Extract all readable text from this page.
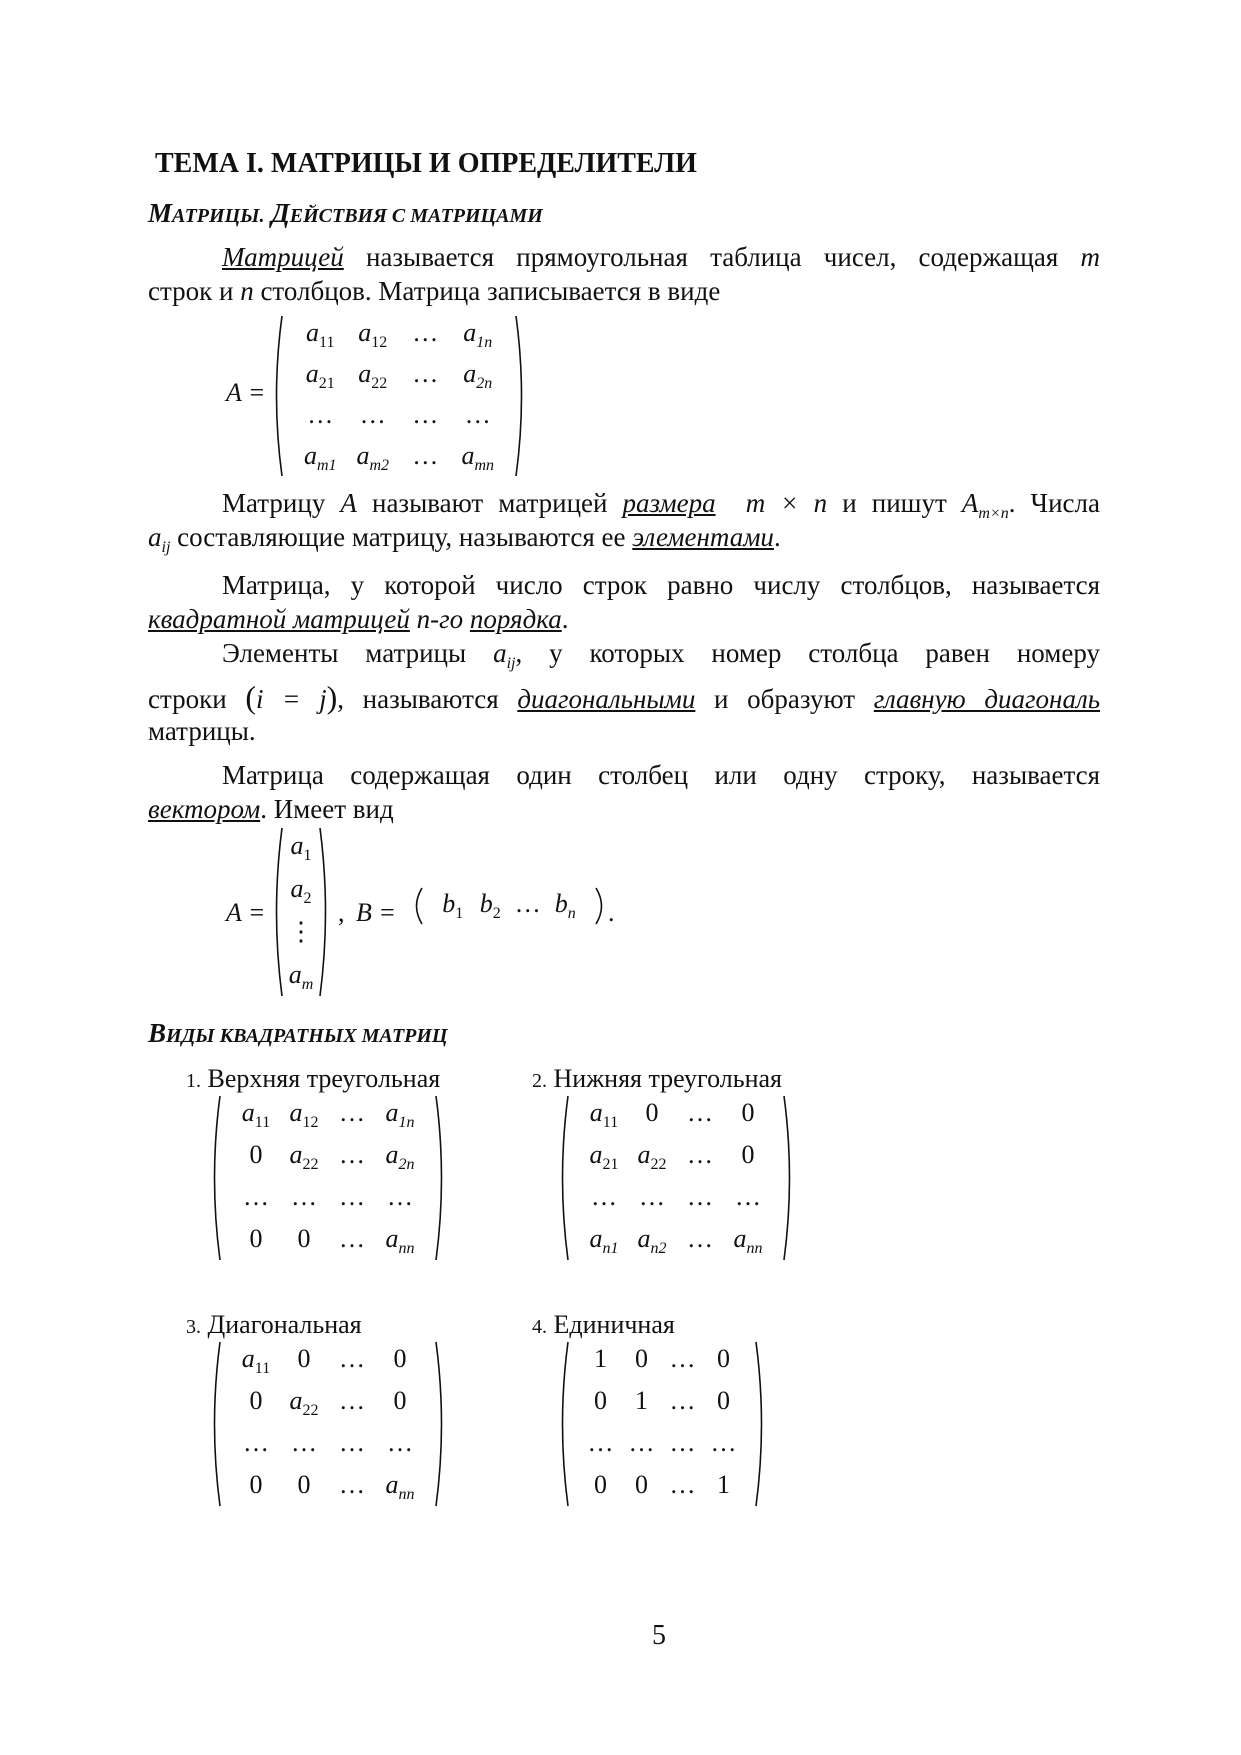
ТЕМА I. МАТРИЦЫ И ОПРЕДЕЛИТЕЛИ
МАТРИЦЫ. ДЕЙСТВИЯ С МАТРИЦАМИ
Матрицей называется прямоугольная таблица чисел, содержащая m
строк и n столбцов. Матрица записывается в виде
A =
$a_{11}$ $a_{12}$ … $a_{1n}$
$a_{21}$ $a_{22}$ … $a_{2n}$
… … … …
$a_{m1}$ $a_{m2}$ … $a_{mn}$
Матрицу A называют матрицей размера m × n и пишут $A_{m\times n}$. Числа
$a_{ij}$ составляющие матрицу, называются ее элементами.
Матрица, у которой число строк равно числу столбцов, называется
квадратной матрицей n-го порядка.
Элементы матрицы $a_{ij}$, у которых номер столбца равен номеру
строки (i = j), называются диагональными и образуют главную диагональ
матрицы.
Матрица содержащая один столбец или одну строку, называется
вектором. Имеет вид
A =
$a_1$
$a_2$
⋮
$a_m$
, $B = b_1$ $b_2$ … $b_n$ .
ВИДЫ КВАДРАТНЫХ МАТРИЦ
1. Верхняя треугольная	2. Нижняя треугольная
3. Диагональная	4. Единичная
$a_{11}$ $a_{12}$ … $a_{1n}$
0 $a_{22}$ … $a_{2n}$
… … … …
0 0 … $a_{nn}$
$a_{11}$ 0 … 0
$a_{21}$ $a_{22}$ … 0
… … … …
$a_{n1}$ $a_{n2}$ … $a_{nn}$
$a_{11}$ 0 … 0
0 $a_{22}$ … 0
… … … …
0 0 … $a_{nn}$
1 0 … 0
0 1 … 0
… … … …
0 0 … 1
5
